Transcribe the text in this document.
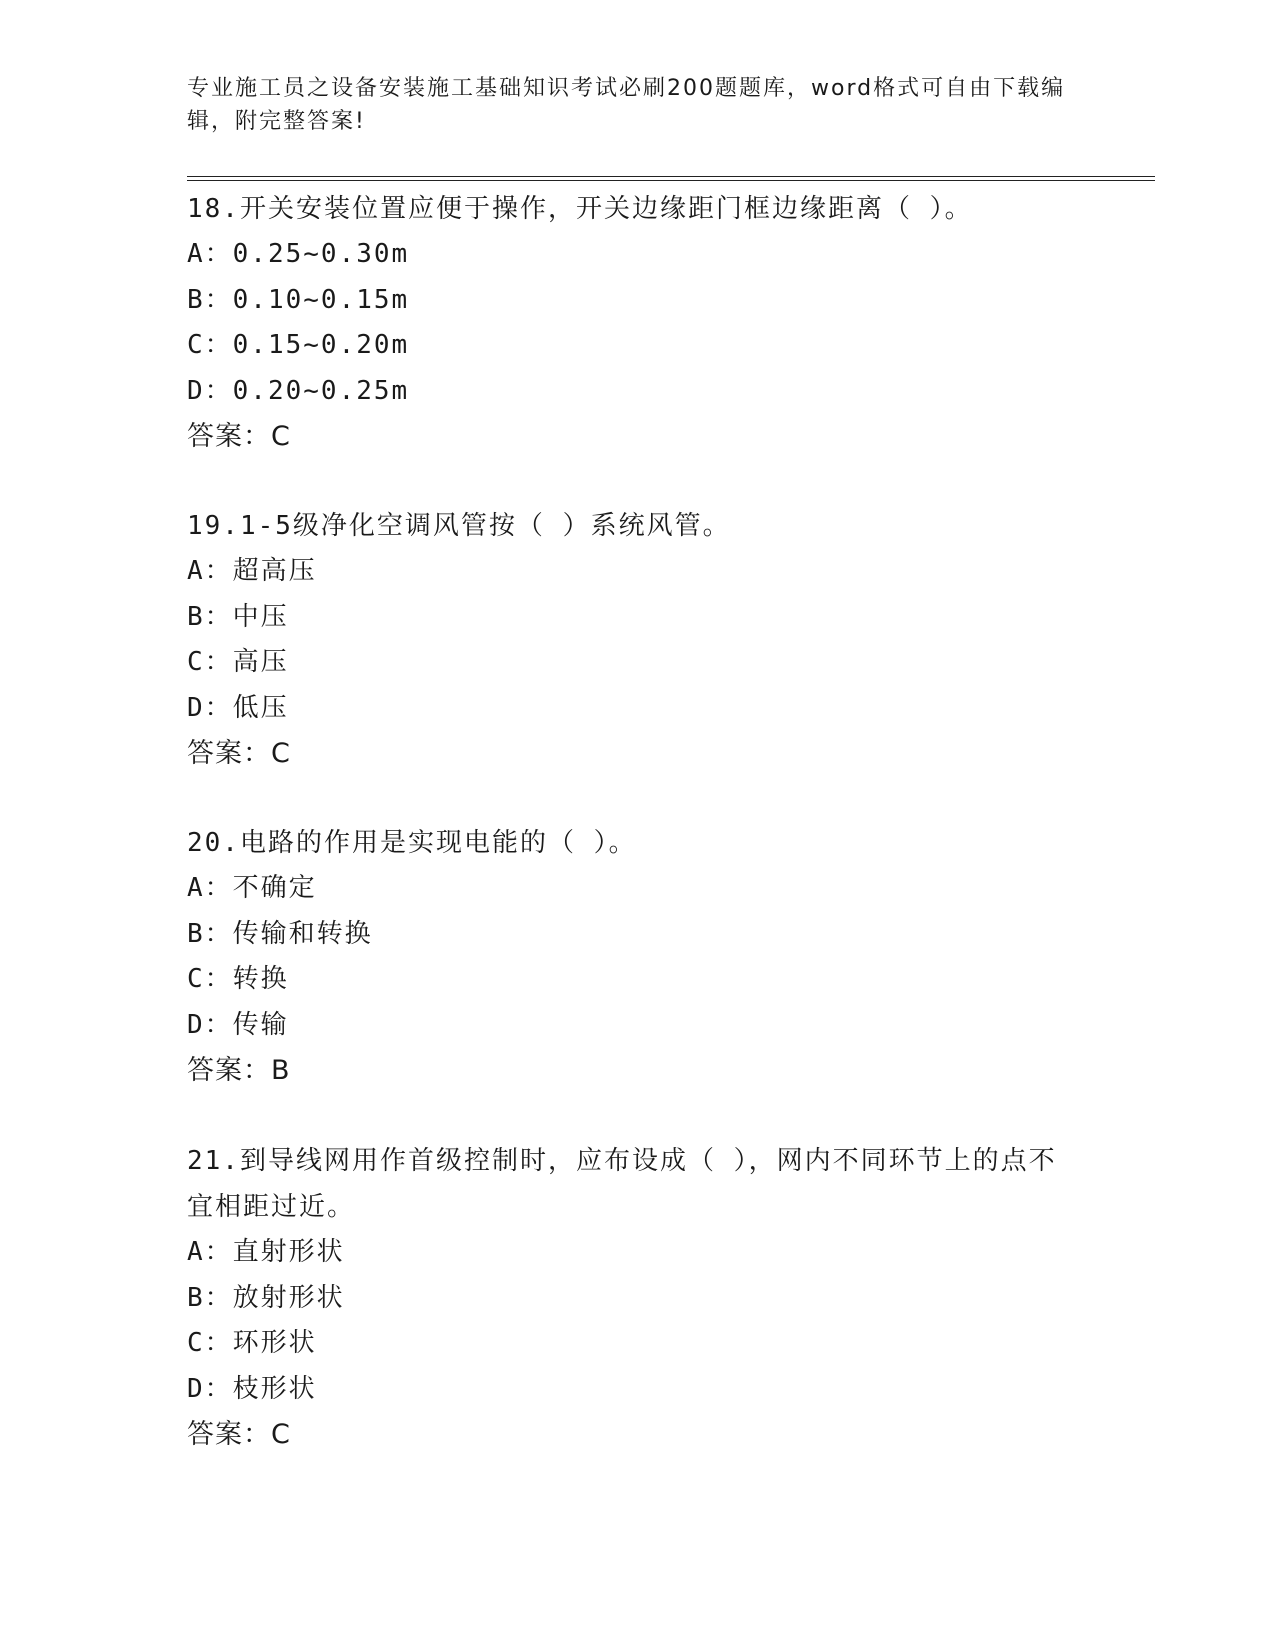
专业施工员之设备安装施工基础知识考试必刷200题题库，word格式可自由下载编辑，附完整答案!
18.开关安装位置应便于操作，开关边缘距门框边缘距离（ ）。
A：0.25~0.30m
B：0.10~0.15m
C：0.15~0.20m
D：0.20~0.25m
答案：C
19.1-5级净化空调风管按（ ）系统风管。
A：超高压
B：中压
C：高压
D：低压
答案：C
20.电路的作用是实现电能的（ ）。
A：不确定
B：传输和转换
C：转换
D：传输
答案：B
21.到导线网用作首级控制时，应布设成（ ），网内不同环节上的点不宜相距过近。
A：直射形状
B：放射形状
C：环形状
D：枝形状
答案：C
